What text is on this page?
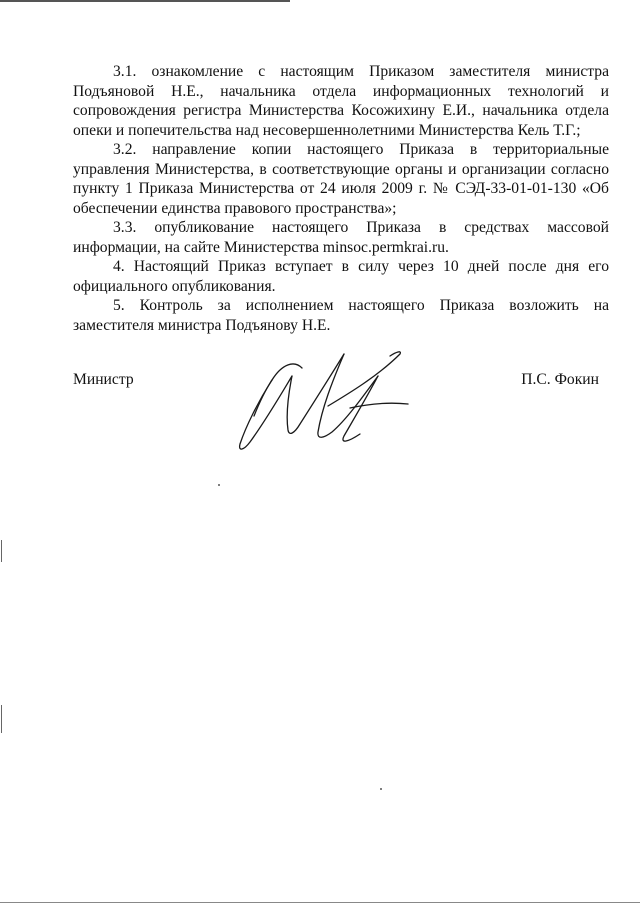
3.1. ознакомление с настоящим Приказом заместителя министра Подъяновой Н.Е., начальника отдела информационных технологий и сопровождения регистра Министерства Косожихину Е.И., начальника отдела опеки и попечительства над несовершеннолетними Министерства Кель Т.Г.;

3.2. направление копии настоящего Приказа в территориальные управления Министерства, в соответствующие органы и организации согласно пункту 1 Приказа Министерства от 24 июля 2009 г. № СЭД-33-01-01-130 «Об обеспечении единства правового пространства»;

3.3. опубликование настоящего Приказа в средствах массовой информации, на сайте Министерства minsoc.permkrai.ru.

4. Настоящий Приказ вступает в силу через 10 дней после дня его официального опубликования.

5. Контроль за исполнением настоящего Приказа возложить на заместителя министра Подъянову Н.Е.

Министр	П.С. Фокин
